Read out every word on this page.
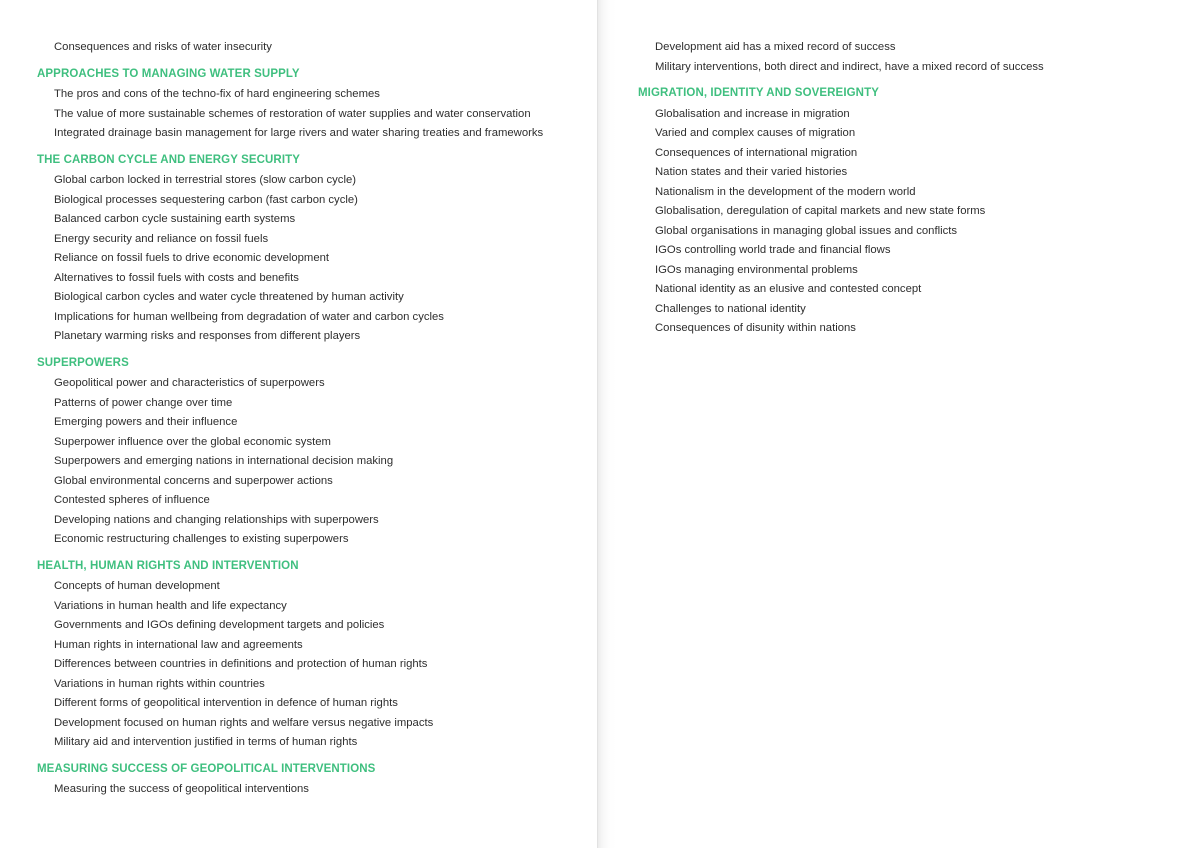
Consequences and risks of water insecurity
APPROACHES TO MANAGING WATER SUPPLY
The pros and cons of the techno-fix of hard engineering schemes
The value of more sustainable schemes of restoration of water supplies and water conservation
Integrated drainage basin management for large rivers and water sharing treaties and frameworks
THE CARBON CYCLE AND ENERGY SECURITY
Global carbon locked in terrestrial stores (slow carbon cycle)
Biological processes sequestering carbon (fast carbon cycle)
Balanced carbon cycle sustaining earth systems
Energy security and reliance on fossil fuels
Reliance on fossil fuels to drive economic development
Alternatives to fossil fuels with costs and benefits
Biological carbon cycles and water cycle threatened by human activity
Implications for human wellbeing from degradation of water and carbon cycles
Planetary warming risks and responses from different players
SUPERPOWERS
Geopolitical power and characteristics of superpowers
Patterns of power change over time
Emerging powers and their influence
Superpower influence over the global economic system
Superpowers and emerging nations in international decision making
Global environmental concerns and superpower actions
Contested spheres of influence
Developing nations and changing relationships with superpowers
Economic restructuring challenges to existing superpowers
HEALTH, HUMAN RIGHTS AND INTERVENTION
Concepts of human development
Variations in human health and life expectancy
Governments and IGOs defining development targets and policies
Human rights in international law and agreements
Differences between countries in definitions and protection of human rights
Variations in human rights within countries
Different forms of geopolitical intervention in defence of human rights
Development focused on human rights and welfare versus negative impacts
Military aid and intervention justified in terms of human rights
MEASURING SUCCESS OF GEOPOLITICAL INTERVENTIONS
Measuring the success of geopolitical interventions
Development aid has a mixed record of success
Military interventions, both direct and indirect, have a mixed record of success
MIGRATION, IDENTITY AND SOVEREIGNTY
Globalisation and increase in migration
Varied and complex causes of migration
Consequences of international migration
Nation states and their varied histories
Nationalism in the development of the modern world
Globalisation, deregulation of capital markets and new state forms
Global organisations in managing global issues and conflicts
IGOs controlling world trade and financial flows
IGOs managing environmental problems
National identity as an elusive and contested concept
Challenges to national identity
Consequences of disunity within nations
